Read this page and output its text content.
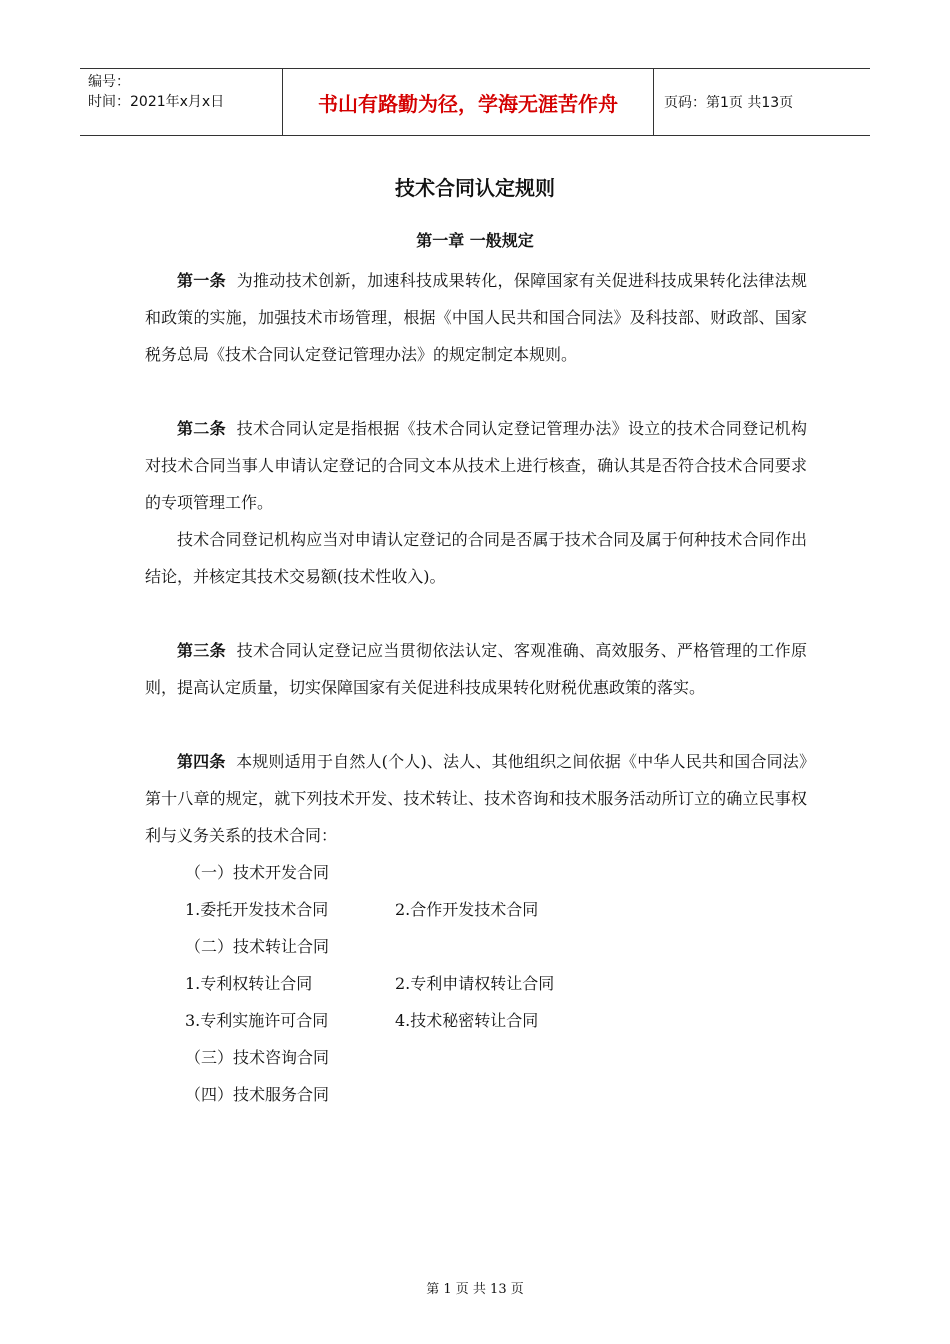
编号：
时间：2021年x月x日	书山有路勤为径，学海无涯苦作舟	页码：第1页 共13页
技术合同认定规则
第一章 一般规定

第一条 为推动技术创新，加速科技成果转化，保障国家有关促进科技成果转化法律法规和政策的实施，加强技术市场管理，根据《中国人民共和国合同法》及科技部、财政部、国家税务总局《技术合同认定登记管理办法》的规定制定本规则。

第二条 技术合同认定是指根据《技术合同认定登记管理办法》设立的技术合同登记机构对技术合同当事人申请认定登记的合同文本从技术上进行核查，确认其是否符合技术合同要求的专项管理工作。

技术合同登记机构应当对申请认定登记的合同是否属于技术合同及属于何种技术合同作出结论，并核定其技术交易额(技术性收入)。

第三条 技术合同认定登记应当贯彻依法认定、客观准确、高效服务、严格管理的工作原则，提高认定质量，切实保障国家有关促进科技成果转化财税优惠政策的落实。

第四条 本规则适用于自然人(个人)、法人、其他组织之间依据《中华人民共和国合同法》第十八章的规定，就下列技术开发、技术转让、技术咨询和技术服务活动所订立的确立民事权利与义务关系的技术合同：

（一）技术开发合同
1.委托开发技术合同	2.合作开发技术合同
（二）技术转让合同
1.专利权转让合同	2.专利申请权转让合同
3.专利实施许可合同	4.技术秘密转让合同
（三）技术咨询合同
（四）技术服务合同
第 1 页 共 13 页
